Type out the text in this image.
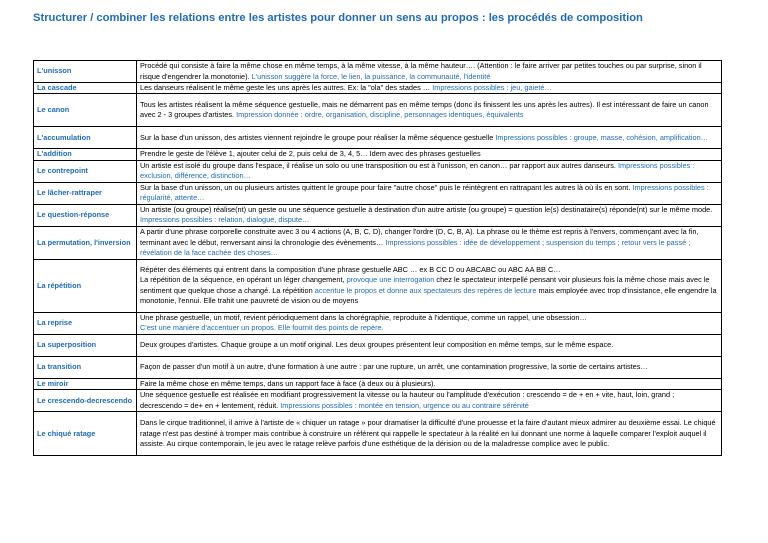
Structurer / combiner les relations entre les artistes pour donner un sens au propos : les procédés de composition
L'unisson	Procédé qui consiste à faire la même chose en même temps, à la même vitesse, à la même hauteur…. (Attention : le faire arriver par petites touches ou par surprise, sinon il risque d'engendrer la monotonie). L'unisson suggère la force, le lien, la puissance, la communauté, l'identité
La cascade	Les danseurs réalisent le même geste les uns après les autres. Ex: la "ola" des stades … Impressions possibles : jeu, gaieté…
Le canon	Tous les artistes réalisent la même séquence gestuelle, mais ne démarrent pas en même temps (donc ils finissent les uns après les autres). Il est intéressant de faire un canon avec 2 - 3 groupes d'artistes. Impression donnée : ordre, organisation, discipline, personnages identiques, équivalents
L'accumulation	Sur la base d'un unisson, des artistes viennent rejoindre le groupe pour réaliser la même séquence gestuelle Impressions possibles : groupe, masse, cohésion, amplification…
L'addition	Prendre le geste de l'élève 1, ajouter celui de 2, puis celui de 3, 4, 5… Idem avec des phrases gestuelles
Le contrepoint	Un artiste est isolé du groupe dans l'espace, il réalise un solo ou une transposition ou est à l'unisson, en canon… par rapport aux autres danseurs. Impressions possibles : exclusion, différence, distinction…
Le lâcher-rattraper	Sur la base d'un unisson, un ou plusieurs artistes quittent le groupe pour faire "autre chose" puis le réintègrent en rattrapant les autres là où ils en sont. Impressions possibles : régularité, attente…
Le question-réponse	Un artiste (ou groupe) réalise(nt) un geste ou une séquence gestuelle à destination d'un autre artiste (ou groupe) = question le(s) destinataire(s) réponde(nt) sur le même mode. Impressions possibles : relation, dialogue, dispute…
La permutation, l'inversion	A partir d'une phrase corporelle construite avec 3 ou 4 actions (A, B, C, D), changer l'ordre (D, C, B, A). La phrase ou le thème est repris à l'envers, commençant avec la fin, terminant avec le début, renversant ainsi la chronologie des évènements… Impressions possibles : idée de développement ; suspension du temps ; retour vers le passé ; révélation de la face cachée des choses…
La répétition	Répéter des éléments qui entrent dans la composition d'une phrase gestuelle ABC … ex B CC D ou ABCABC ou ABC AA BB C…
La répétition de la séquence, en opérant un léger changement, provoque une interrogation chez le spectateur interpellé pensant voir plusieurs fois la même chose mais avec le sentiment que quelque chose a changé. La répétition accentue le propos et donne aux spectateurs des repères de lecture mais employée avec trop d'insistance, elle engendre la monotonie, l'ennui. Elle trahit une pauvreté de vision ou de moyens
La reprise	Une phrase gestuelle, un motif, revient périodiquement dans la chorégraphie, reproduite à l'identique, comme un rappel, une obsession…
C'est une manière d'accentuer un propos. Elle fournit des points de repère.
La superposition	Deux groupes d'artistes. Chaque groupe a un motif original. Les deux groupes présentent leur composition en même temps, sur le même espace.
La transition	Façon de passer d'un motif à un autre, d'une formation à une autre : par une rupture, un arrêt, une contamination progressive, la sortie de certains artistes…
Le miroir	Faire la même chose en même temps, dans un rapport face à face (à deux ou à plusieurs).
Le crescendo-decrescendo	Une séquence gestuelle est réalisée en modifiant progressivement la vitesse ou la hauteur ou l'amplitude d'exécution : crescendo = de + en + vite, haut, loin, grand ; decrescendo = de+ en + lentement, réduit. Impressions possibles : montée en tension, urgence ou au contraire sérénité
Le chiqué ratage	Dans le cirque traditionnel, il arrive à l'artiste de « chiquer un ratage » pour dramatiser la difficulté d'une prouesse et la faire d'autant mieux admirer au deuxième essai. Le chiqué ratage n'est pas destiné à tromper mais contribue à construire un référent qui rappelle le spectateur à la réalité en lui donnant une norme à laquelle comparer l'exploit auquel il assiste. Au cirque contemporain, le jeu avec le ratage relève parfois d'une esthétique de la dérision ou de la maladresse complice avec le public.
